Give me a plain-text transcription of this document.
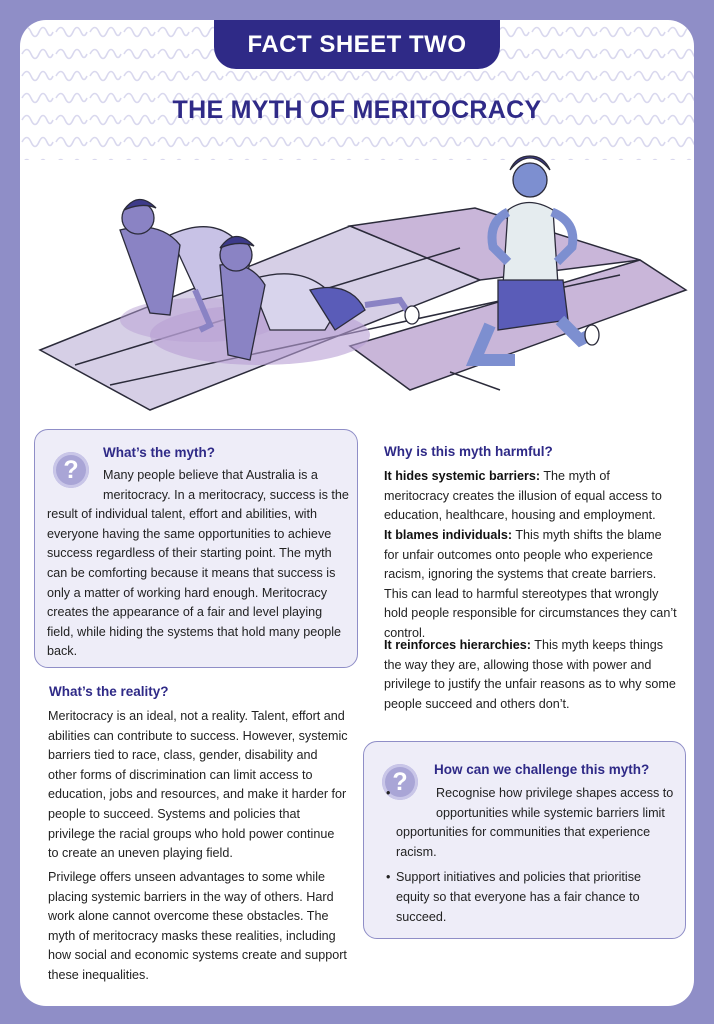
FACT SHEET TWO
THE MYTH OF MERITOCRACY
?

What’s the myth?

Many people believe that Australia is a meritocracy. In a meritocracy, success is the result of individual talent, effort and abilities, with everyone having the same opportunities to achieve success regardless of their starting point. The myth can be comforting because it means that success is only a matter of working hard enough. Meritocracy creates the appearance of a fair and level playing field, while hiding the systems that hold many people back.

What’s the reality?

Meritocracy is an ideal, not a reality. Talent, effort and abilities can contribute to success. However, systemic barriers tied to race, class, gender, disability and other forms of discrimination can limit access to education, jobs and resources, and make it harder for people to succeed. Systems and policies that privilege the racial groups who hold power continue to create an uneven playing field.

Privilege offers unseen advantages to some while placing systemic barriers in the way of others. Hard work alone cannot overcome these obstacles. The myth of meritocracy masks these realities, including how social and economic systems create and support these inequalities.

Why is this myth harmful?

It hides systemic barriers: The myth of meritocracy creates the illusion of equal access to education, healthcare, housing and employment.

It blames individuals: This myth shifts the blame for unfair outcomes onto people who experience racism, ignoring the systems that create barriers. This can lead to harmful stereotypes that wrongly hold people responsible for circumstances they can’t control.

It reinforces hierarchies: This myth keeps things the way they are, allowing those with power and privilege to justify the unfair reasons as to why some people succeed and others don’t.

?	How can we challenge this myth?

• Recognise how privilege shapes access to opportunities while systemic barriers limit opportunities for communities that experience racism.
• Support initiatives and policies that prioritise equity so that everyone has a fair chance to succeed.
